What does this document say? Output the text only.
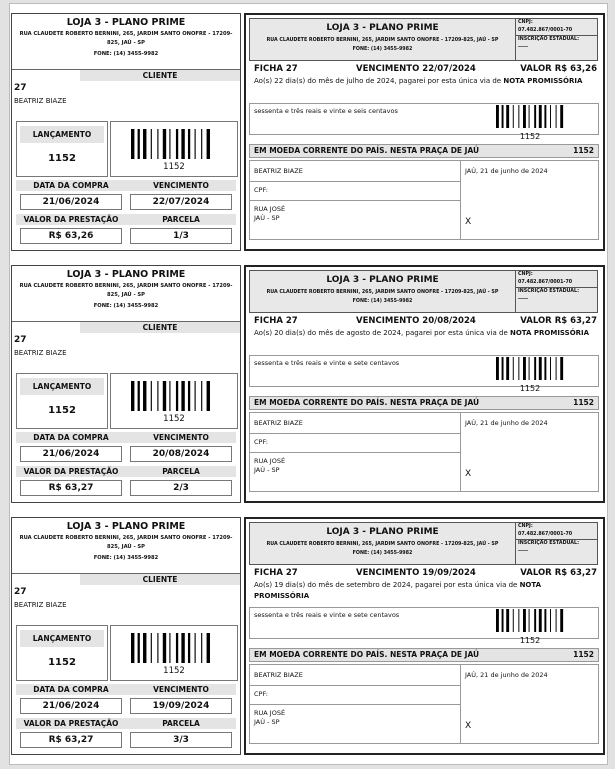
LOJA 3 - PLANO PRIME
RUA CLAUDETE ROBERTO BERNINI, 265, JARDIM SANTO ONOFRE - 17209-825, JAÚ - SP
FONE: (14) 3455-9982
CLIENTE
27
BEATRIZ BIAZE
LANÇAMENTO
1152
1152
DATA DA COMPRA	VENCIMENTO
21/06/2024	22/07/2024
VALOR DA PRESTAÇÃO	PARCELA
R$ 63,26	1/3
LOJA 3 - PLANO PRIME
RUA CLAUDETE ROBERTO BERNINI, 265, JARDIM SANTO ONOFRE - 17209-825, JAÚ - SP
FONE: (14) 3455-9982
CNPJ:
07.482.867/0001-70
INSCRIÇÃO ESTADUAL:
-----
FICHA 27	VENCIMENTO 22/07/2024	VALOR R$ 63,26
Ao(s) 22 dia(s) do mês de julho de 2024, pagarei por esta única via de NOTA PROMISSÓRIA
sessenta e três reais e vinte e seis centavos
1152
EM MOEDA CORRENTE DO PAÍS. NESTA PRAÇA DE JAÚ	1152
BEATRIZ BIAZE	JAÚ, 21 de junho de 2024
CPF:
RUA JOSÉ
JAÚ - SP	X
LOJA 3 - PLANO PRIME
RUA CLAUDETE ROBERTO BERNINI, 265, JARDIM SANTO ONOFRE - 17209-825, JAÚ - SP
FONE: (14) 3455-9982
CLIENTE
27
BEATRIZ BIAZE
LANÇAMENTO
1152
1152
DATA DA COMPRA	VENCIMENTO
21/06/2024	20/08/2024
VALOR DA PRESTAÇÃO	PARCELA
R$ 63,27	2/3
LOJA 3 - PLANO PRIME
RUA CLAUDETE ROBERTO BERNINI, 265, JARDIM SANTO ONOFRE - 17209-825, JAÚ - SP
FONE: (14) 3455-9982
CNPJ:
07.482.867/0001-70
INSCRIÇÃO ESTADUAL:
-----
FICHA 27	VENCIMENTO 20/08/2024	VALOR R$ 63,27
Ao(s) 20 dia(s) do mês de agosto de 2024, pagarei por esta única via de NOTA PROMISSÓRIA
sessenta e três reais e vinte e sete centavos
1152
EM MOEDA CORRENTE DO PAÍS. NESTA PRAÇA DE JAÚ	1152
BEATRIZ BIAZE	JAÚ, 21 de junho de 2024
CPF:
RUA JOSÉ
JAÚ - SP	X
LOJA 3 - PLANO PRIME
RUA CLAUDETE ROBERTO BERNINI, 265, JARDIM SANTO ONOFRE - 17209-825, JAÚ - SP
FONE: (14) 3455-9982
CLIENTE
27
BEATRIZ BIAZE
LANÇAMENTO
1152
1152
DATA DA COMPRA	VENCIMENTO
21/06/2024	19/09/2024
VALOR DA PRESTAÇÃO	PARCELA
R$ 63,27	3/3
LOJA 3 - PLANO PRIME
RUA CLAUDETE ROBERTO BERNINI, 265, JARDIM SANTO ONOFRE - 17209-825, JAÚ - SP
FONE: (14) 3455-9982
CNPJ:
07.482.867/0001-70
INSCRIÇÃO ESTADUAL:
-----
FICHA 27	VENCIMENTO 19/09/2024	VALOR R$ 63,27
Ao(s) 19 dia(s) do mês de setembro de 2024, pagarei por esta única via de NOTA PROMISSÓRIA
sessenta e três reais e vinte e sete centavos
1152
EM MOEDA CORRENTE DO PAÍS. NESTA PRAÇA DE JAÚ	1152
BEATRIZ BIAZE	JAÚ, 21 de junho de 2024
CPF:
RUA JOSÉ
JAÚ - SP	X
